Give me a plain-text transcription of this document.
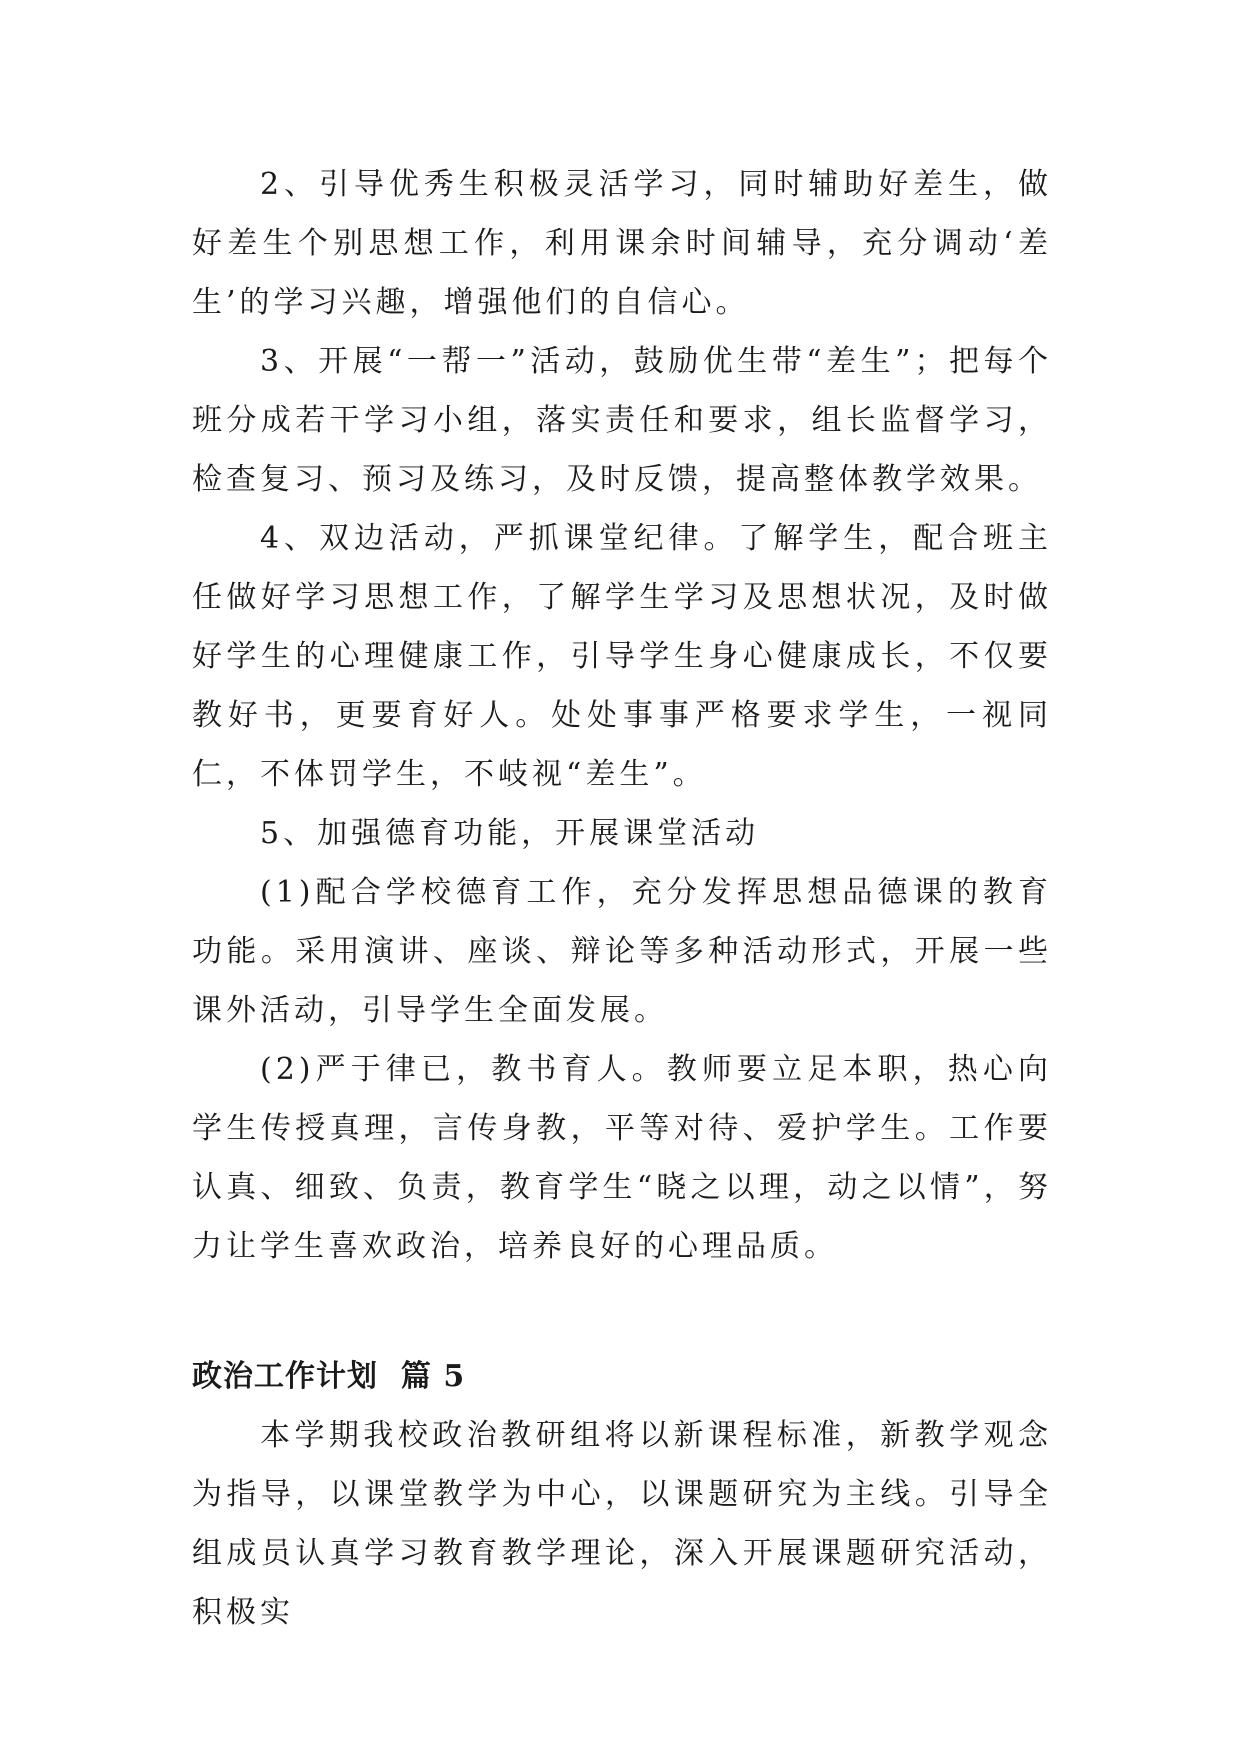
2、引导优秀生积极灵活学习，同时辅助好差生，做好差生个别思想工作，利用课余时间辅导，充分调动‘差生’的学习兴趣，增强他们的自信心。

3、开展“一帮一”活动，鼓励优生带“差生”；把每个班分成若干学习小组，落实责任和要求，组长监督学习，检查复习、预习及练习，及时反馈，提高整体教学效果。

4、双边活动，严抓课堂纪律。了解学生，配合班主任做好学习思想工作，了解学生学习及思想状况，及时做好学生的心理健康工作，引导学生身心健康成长，不仅要教好书，更要育好人。处处事事严格要求学生，一视同仁，不体罚学生，不岐视“差生”。

5、加强德育功能，开展课堂活动

(1)配合学校德育工作，充分发挥思想品德课的教育功能。采用演讲、座谈、辩论等多种活动形式，开展一些课外活动，引导学生全面发展。

(2)严于律已，教书育人。教师要立足本职，热心向学生传授真理，言传身教，平等对待、爱护学生。工作要认真、细致、负责，教育学生“晓之以理，动之以情”，努力让学生喜欢政治，培养良好的心理品质。

政治工作计划  篇 5

本学期我校政治教研组将以新课程标准，新教学观念为指导，以课堂教学为中心，以课题研究为主线。引导全组成员认真学习教育教学理论，深入开展课题研究活动，积极实
